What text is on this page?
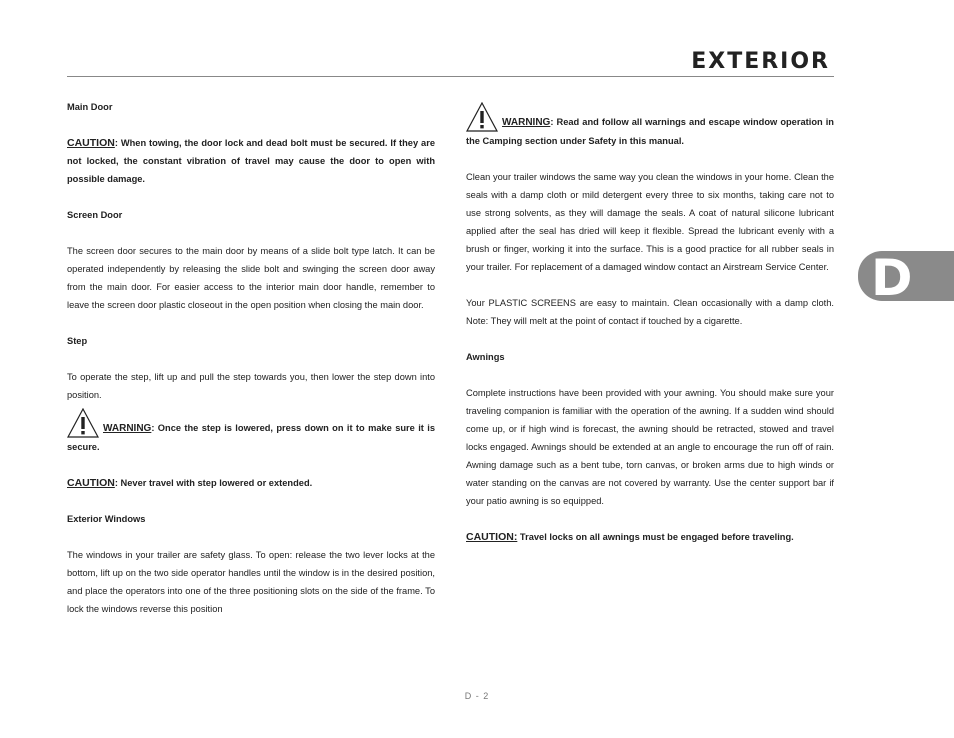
EXTERIOR
Main Door

CAUTION: When towing, the door lock and dead bolt must be secured. If they are not locked, the constant vibration of travel may cause the door to open with possible damage.

Screen Door

The screen door secures to the main door by means of a slide bolt type latch. It can be operated independently by releasing the slide bolt and swinging the screen door away from the main door. For easier access to the interior main door handle, remember to leave the screen door plastic closeout in the open position when closing the main door.

Step

To operate the step, lift up and pull the step towards you, then lower the step down into position.

WARNING: Once the step is lowered, press down on it to make sure it is secure.

CAUTION: Never travel with step lowered or extended.

Exterior Windows

The windows in your trailer are safety glass. To open: release the two lever locks at the bottom, lift up on the two side operator handles until the window is in the desired position, and place the operators into one of the three positioning slots on the side of the frame. To lock the windows reverse this position

WARNING: Read and follow all warnings and escape window operation in the Camping section under Safety in this manual.

Clean your trailer windows the same way you clean the windows in your home. Clean the seals with a damp cloth or mild detergent every three to six months, taking care not to use strong solvents, as they will damage the seals. A coat of natural silicone lubricant applied after the seal has dried will keep it flexible. Spread the lubricant evenly with a brush or finger, working it into the surface. This is a good practice for all rubber seals in your trailer. For replacement of a damaged window contact an Airstream Service Center.

Your PLASTIC SCREENS are easy to maintain. Clean occasionally with a damp cloth. Note: They will melt at the point of contact if touched by a cigarette.

Awnings

Complete instructions have been provided with your awning. You should make sure your traveling companion is familiar with the operation of the awning. If a sudden wind should come up, or if high wind is forecast, the awning should be retracted, stowed and travel locks engaged. Awnings should be extended at an angle to encourage the run off of rain. Awning damage such as a bent tube, torn canvas, or broken arms due to high winds or water standing on the canvas are not covered by warranty. Use the center support bar if your patio awning is so equipped.

CAUTION: Travel locks on all awnings must be engaged before traveling.

D
D - 2
